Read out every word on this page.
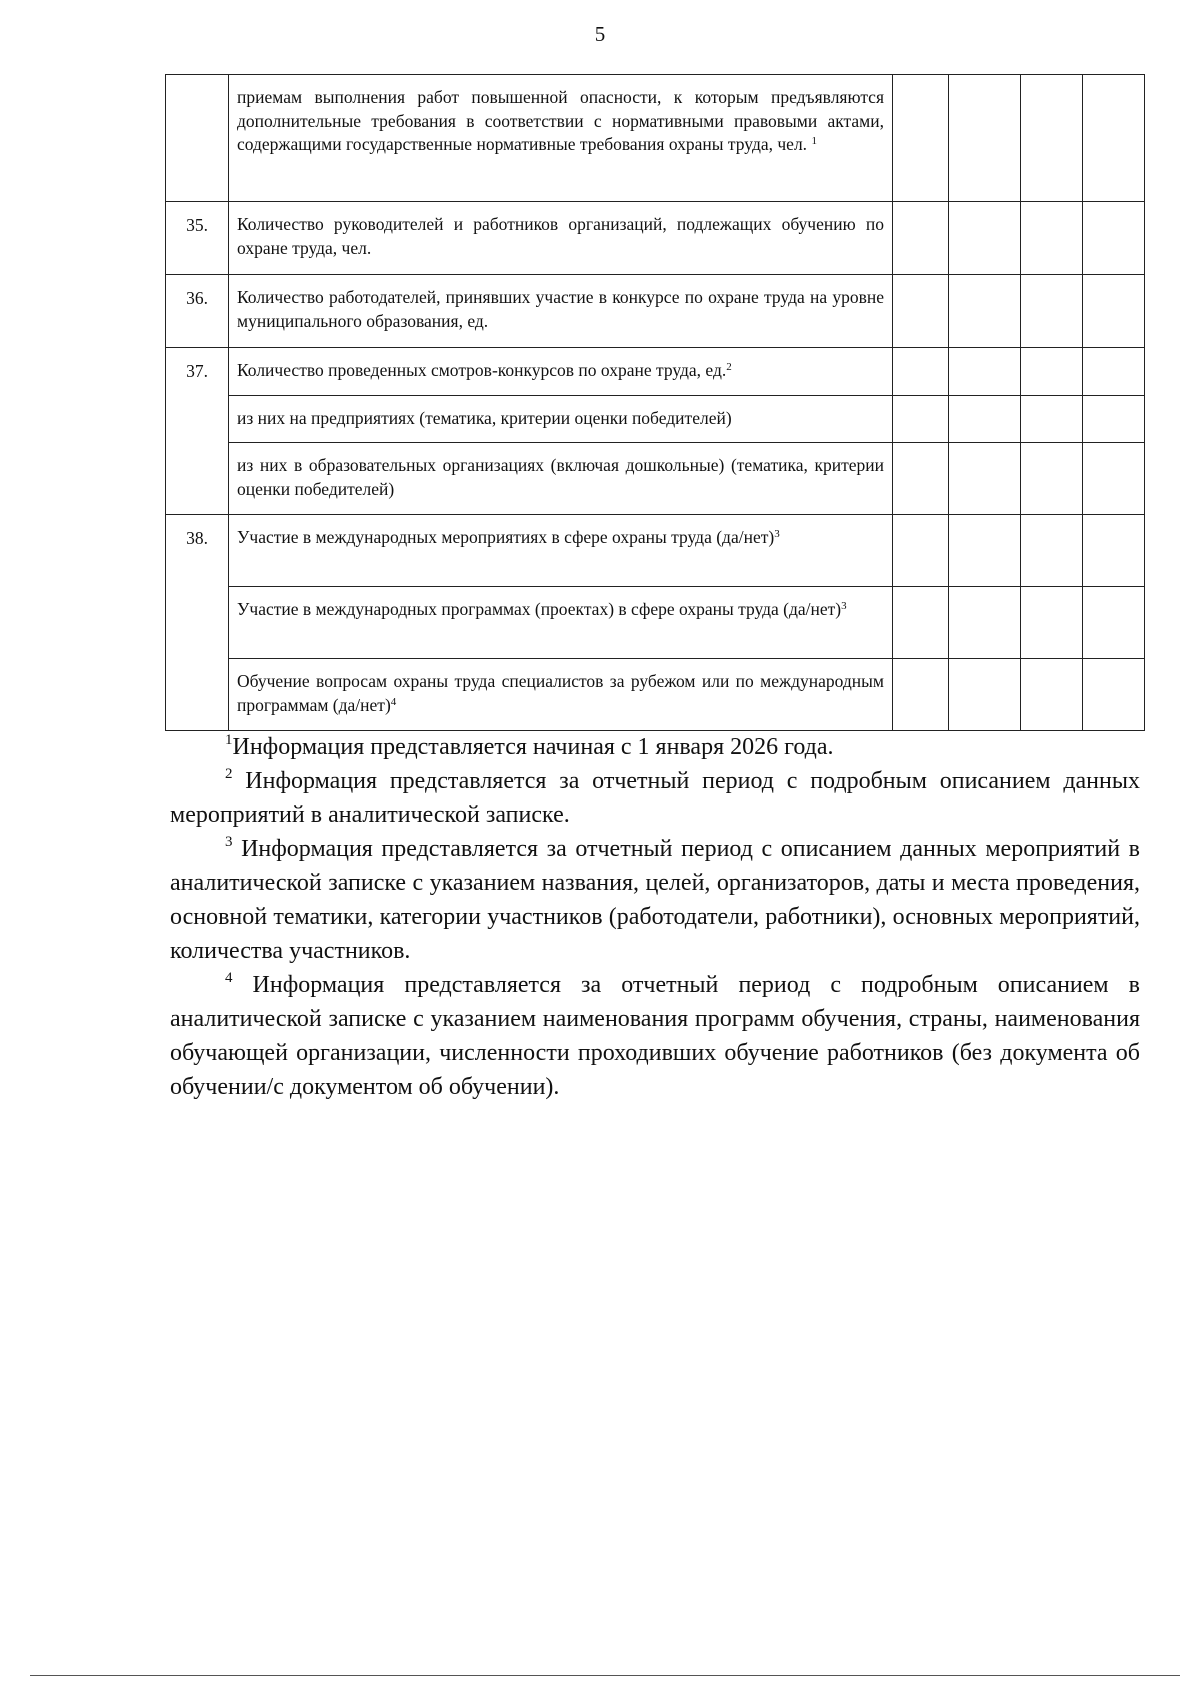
5
	приемам выполнения работ повышенной опасности, к которым предъявляются дополнительные требования в соответствии с нормативными правовыми актами, содержащими государственные нормативные требования охраны труда, чел. $^1$				
35.	Количество руководителей и работников организаций, подлежащих обучению по охране труда, чел.				
36.	Количество работодателей, принявших участие в конкурсе по охране труда на уровне муниципального образования, ед.				
37.	Количество проведенных смотров-конкурсов по охране труда, ед.$^2$				
	из них на предприятиях (тематика, критерии оценки победителей)				
	из них в образовательных организациях (включая дошкольные) (тематика, критерии оценки победителей)				
38.	Участие в международных мероприятиях в сфере охраны труда $(да/нет)^3$				
	Участие в международных программах (проектах) в сфере охраны труда $(да/нет)^3$				
	Обучение вопросам охраны труда специалистов за рубежом или по международным программам $(да/нет)^4$				

$^1$Информация представляется начиная с 1 января 2026 года.

$^2$ Информация представляется за отчетный период с подробным описанием данных мероприятий в аналитической записке.

$^3$ Информация представляется за отчетный период с описанием данных мероприятий в аналитической записке с указанием названия, целей, организаторов, даты и места проведения, основной тематики, категории участников (работодатели, работники), основных мероприятий, количества участников.

$^4$ Информация представляется за отчетный период с подробным описанием в аналитической записке с указанием наименования программ обучения, страны, наименования обучающей организации, численности проходивших обучение работников (без документа об обучении/с документом об обучении).
